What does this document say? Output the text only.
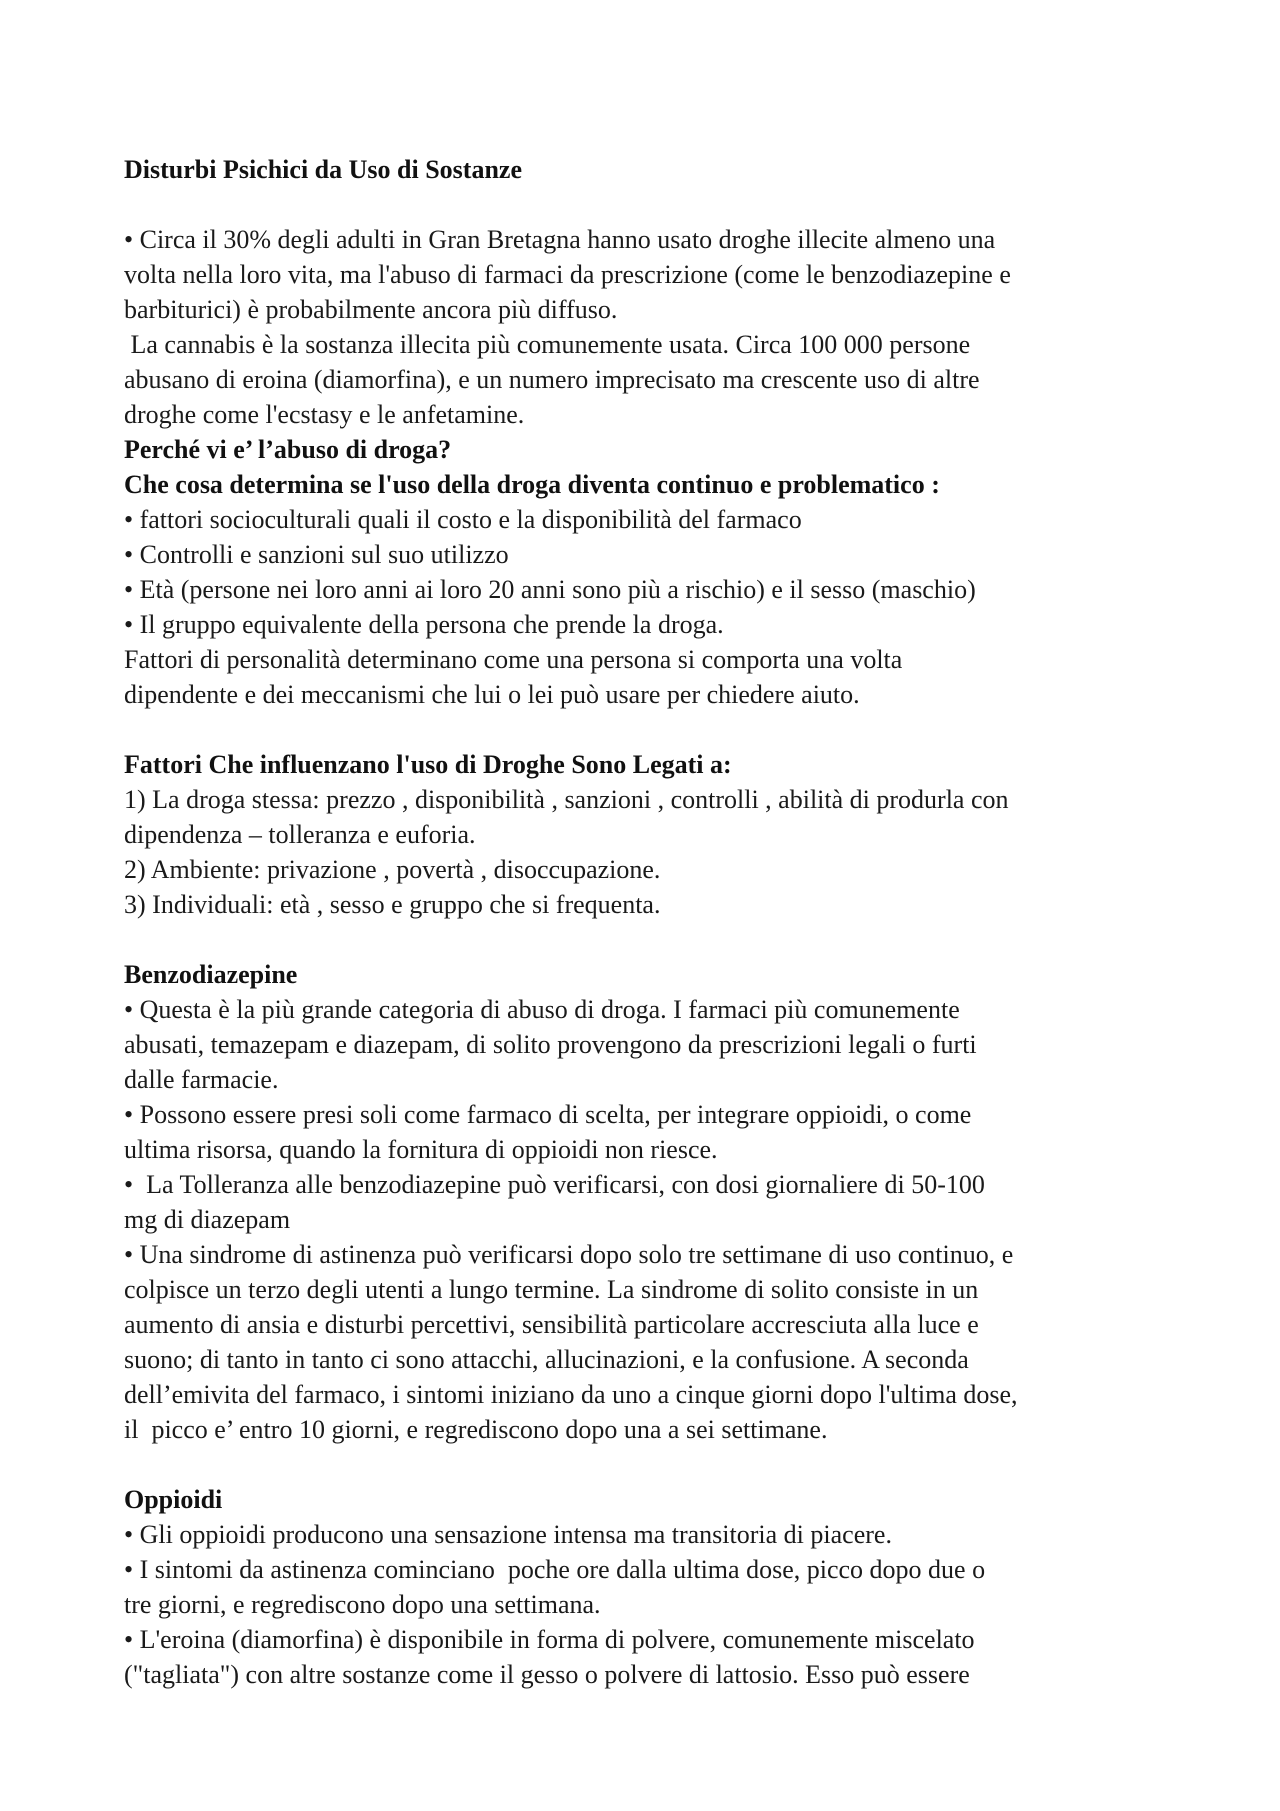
Disturbi Psichici da Uso di Sostanze
• Circa il 30% degli adulti in Gran Bretagna hanno usato droghe illecite almeno una
volta nella loro vita, ma l'abuso di farmaci da prescrizione (come le benzodiazepine e
barbiturici) è probabilmente ancora più diffuso.
La cannabis è la sostanza illecita più comunemente usata. Circa 100 000 persone
abusano di eroina (diamorfina), e un numero imprecisato ma crescente uso di altre
droghe come l'ecstasy e le anfetamine.
Perché vi e’ l’abuso di droga?
Che cosa determina se l'uso della droga diventa continuo e problematico :
• fattori socioculturali quali il costo e la disponibilità del farmaco
• Controlli e sanzioni sul suo utilizzo
• Età (persone nei loro anni ai loro 20 anni sono più a rischio) e il sesso (maschio)
• Il gruppo equivalente della persona che prende la droga.
Fattori di personalità determinano come una persona si comporta una volta
dipendente e dei meccanismi che lui o lei può usare per chiedere aiuto.
Fattori Che influenzano l'uso di Droghe Sono Legati a:
1) La droga stessa: prezzo , disponibilità , sanzioni , controlli , abilità di produrla con
dipendenza – tolleranza e euforia.
2) Ambiente: privazione , povertà , disoccupazione.
3) Individuali: età , sesso e gruppo che si frequenta.
Benzodiazepine
• Questa è la più grande categoria di abuso di droga. I farmaci più comunemente
abusati, temazepam e diazepam, di solito provengono da prescrizioni legali o furti
dalle farmacie.
• Possono essere presi soli come farmaco di scelta, per integrare oppioidi, o come
ultima risorsa, quando la fornitura di oppioidi non riesce.
•  La Tolleranza alle benzodiazepine può verificarsi, con dosi giornaliere di 50-100
mg di diazepam
• Una sindrome di astinenza può verificarsi dopo solo tre settimane di uso continuo, e
colpisce un terzo degli utenti a lungo termine. La sindrome di solito consiste in un
aumento di ansia e disturbi percettivi, sensibilità particolare accresciuta alla luce e
suono; di tanto in tanto ci sono attacchi, allucinazioni, e la confusione. A seconda
dell’emivita del farmaco, i sintomi iniziano da uno a cinque giorni dopo l'ultima dose,
il  picco e’ entro 10 giorni, e regrediscono dopo una a sei settimane.
Oppioidi
• Gli oppioidi producono una sensazione intensa ma transitoria di piacere.
• I sintomi da astinenza cominciano  poche ore dalla ultima dose, picco dopo due o
tre giorni, e regrediscono dopo una settimana.
• L'eroina (diamorfina) è disponibile in forma di polvere, comunemente miscelato
("tagliata") con altre sostanze come il gesso o polvere di lattosio. Esso può essere
